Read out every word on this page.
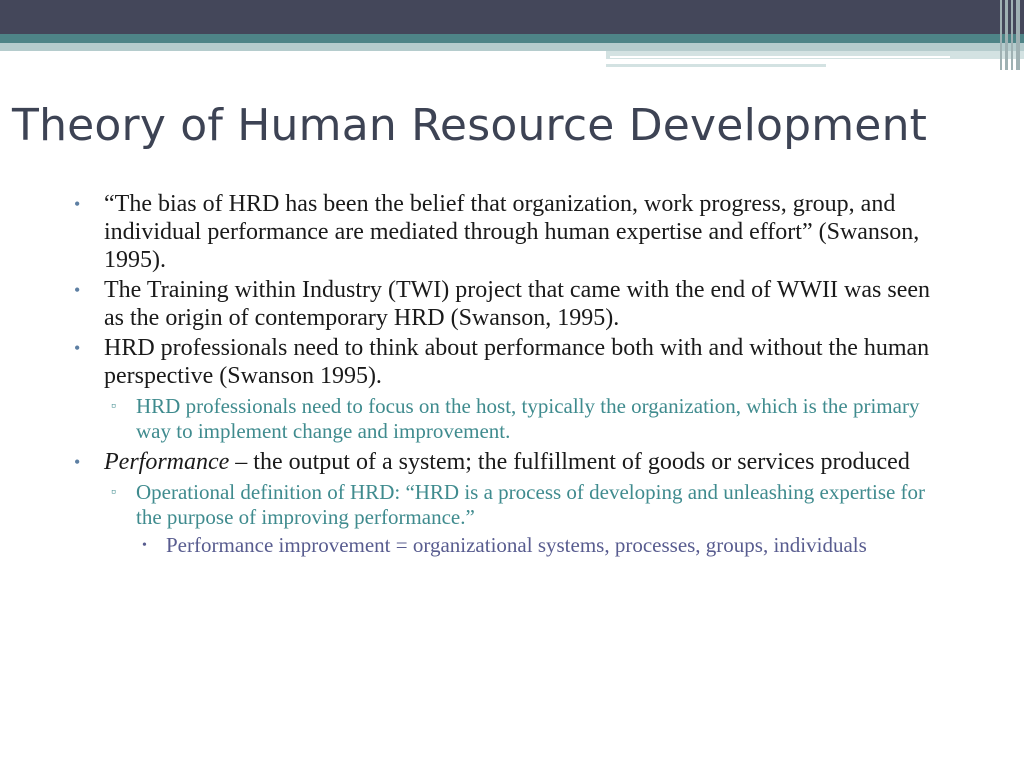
Theory of Human Resource Development
• “The bias of HRD has been the belief that organization, work progress, group, and individual performance are mediated through human expertise and effort” (Swanson, 1995).
• The Training within Industry (TWI) project that came with the end of WWII was seen as the origin of contemporary HRD (Swanson, 1995).
• HRD professionals need to think about performance both with and without the human perspective (Swanson 1995).
▫ HRD professionals need to focus on the host, typically the organization, which is the primary way to implement change and improvement.
• Performance – the output of a system; the fulfillment of goods or services produced
▫ Operational definition of HRD: “HRD is a process of developing and unleashing expertise for the purpose of improving performance.”
• Performance improvement = organizational systems, processes, groups, individuals
